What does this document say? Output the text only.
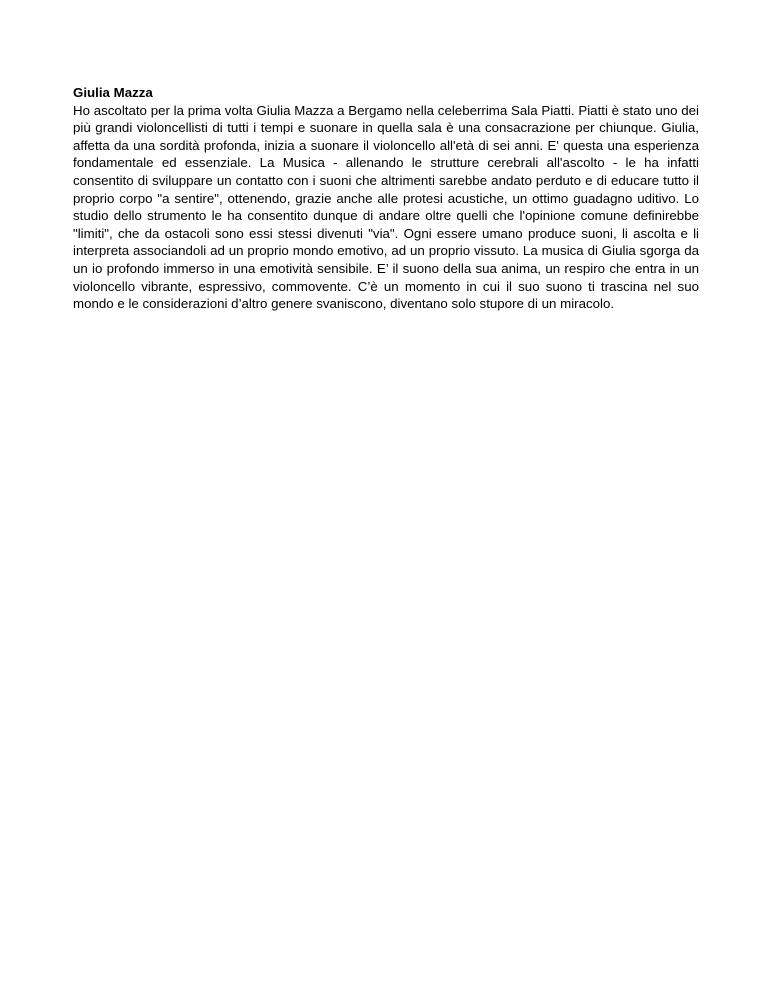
Giulia Mazza

Ho ascoltato per la prima volta Giulia Mazza a Bergamo nella celeberrima Sala Piatti. Piatti è stato uno dei più grandi violoncellisti di tutti i tempi e suonare in quella sala è una consacrazione per chiunque. Giulia, affetta da una sordità profonda, inizia a suonare il violoncello all'età di sei anni. E' questa una esperienza fondamentale ed essenziale. La Musica - allenando le strutture cerebrali all'ascolto - le ha infatti consentito di sviluppare un contatto con i suoni che altrimenti sarebbe andato perduto e di educare tutto il proprio corpo "a sentire", ottenendo, grazie anche alle protesi acustiche, un ottimo guadagno uditivo. Lo studio dello strumento le ha consentito dunque di andare oltre quelli che l'opinione comune definirebbe "limiti", che da ostacoli sono essi stessi divenuti "via". Ogni essere umano produce suoni, li ascolta e li interpreta associandoli ad un proprio mondo emotivo, ad un proprio vissuto. La musica di Giulia sgorga da un io profondo immerso in una emotività sensibile. E’ il suono della sua anima, un respiro che entra in un violoncello vibrante, espressivo, commovente. C’è un momento in cui il suo suono ti trascina nel suo mondo e le considerazioni d’altro genere svaniscono, diventano solo stupore di un miracolo.
